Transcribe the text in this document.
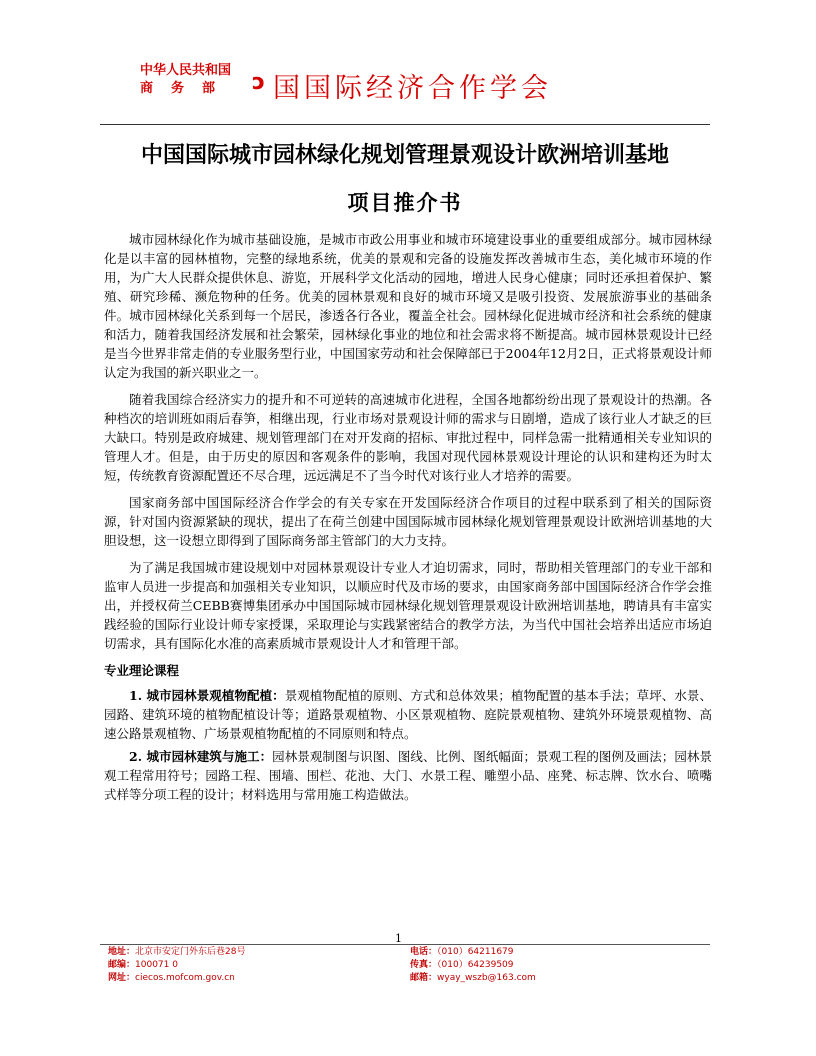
中华人民共和国
商务部 ɔ 国国际经济合作学会
中国国际城市园林绿化规划管理景观设计欧洲培训基地
项目推介书

城市园林绿化作为城市基础设施，是城市市政公用事业和城市环境建设事业的重要组成部分。城市园林绿化是以丰富的园林植物，完整的绿地系统，优美的景观和完备的设施发挥改善城市生态，美化城市环境的作用，为广大人民群众提供休息、游览，开展科学文化活动的园地，增进人民身心健康；同时还承担着保护、繁殖、研究珍稀、濒危物种的任务。优美的园林景观和良好的城市环境又是吸引投资、发展旅游事业的基础条件。城市园林绿化关系到每一个居民，渗透各行各业，覆盖全社会。园林绿化促进城市经济和社会系统的健康和活力，随着我国经济发展和社会繁荣，园林绿化事业的地位和社会需求将不断提高。城市园林景观设计已经是当今世界非常走俏的专业服务型行业，中国国家劳动和社会保障部已于2004年12月2日，正式将景观设计师认定为我国的新兴职业之一。

随着我国综合经济实力的提升和不可逆转的高速城市化进程，全国各地都纷纷出现了景观设计的热潮。各种档次的培训班如雨后春笋，相继出现，行业市场对景观设计师的需求与日剧增，造成了该行业人才缺乏的巨大缺口。特别是政府城建、规划管理部门在对开发商的招标、审批过程中，同样急需一批精通相关专业知识的管理人才。但是，由于历史的原因和客观条件的影响，我国对现代园林景观设计理论的认识和建构还为时太短，传统教育资源配置还不尽合理，远远满足不了当今时代对该行业人才培养的需要。

国家商务部中国国际经济合作学会的有关专家在开发国际经济合作项目的过程中联系到了相关的国际资源，针对国内资源紧缺的现状，提出了在荷兰创建中国国际城市园林绿化规划管理景观设计欧洲培训基地的大胆设想，这一设想立即得到了国际商务部主管部门的大力支持。

为了满足我国城市建设规划中对园林景观设计专业人才迫切需求，同时，帮助相关管理部门的专业干部和监审人员进一步提高和加强相关专业知识，以顺应时代及市场的要求，由国家商务部中国国际经济合作学会推出，并授权荷兰CEBB赛博集团承办中国国际城市园林绿化规划管理景观设计欧洲培训基地，聘请具有丰富实践经验的国际行业设计师专家授课，采取理论与实践紧密结合的教学方法，为当代中国社会培养出适应市场迫切需求，具有国际化水准的高素质城市景观设计人才和管理干部。

专业理论课程

1. 城市园林景观植物配植：景观植物配植的原则、方式和总体效果；植物配置的基本手法；草坪、水景、园路、建筑环境的植物配植设计等；道路景观植物、小区景观植物、庭院景观植物、建筑外环境景观植物、高速公路景观植物、广场景观植物配植的不同原则和特点。

2. 城市园林建筑与施工：园林景观制图与识图、图线、比例、图纸幅面；景观工程的图例及画法；园林景观工程常用符号；园路工程、围墙、围栏、花池、大门、水景工程、雕塑小品、座凳、标志牌、饮水台、喷嘴式样等分项工程的设计；材料选用与常用施工构造做法。

1
地址：北京市安定门外东后巷28号
邮编：100071 0
网址：ciecos.mofcom.gov.cn
电话：（010）64211679
传真：（010）64239509
邮箱：wyay_wszb@163.com
